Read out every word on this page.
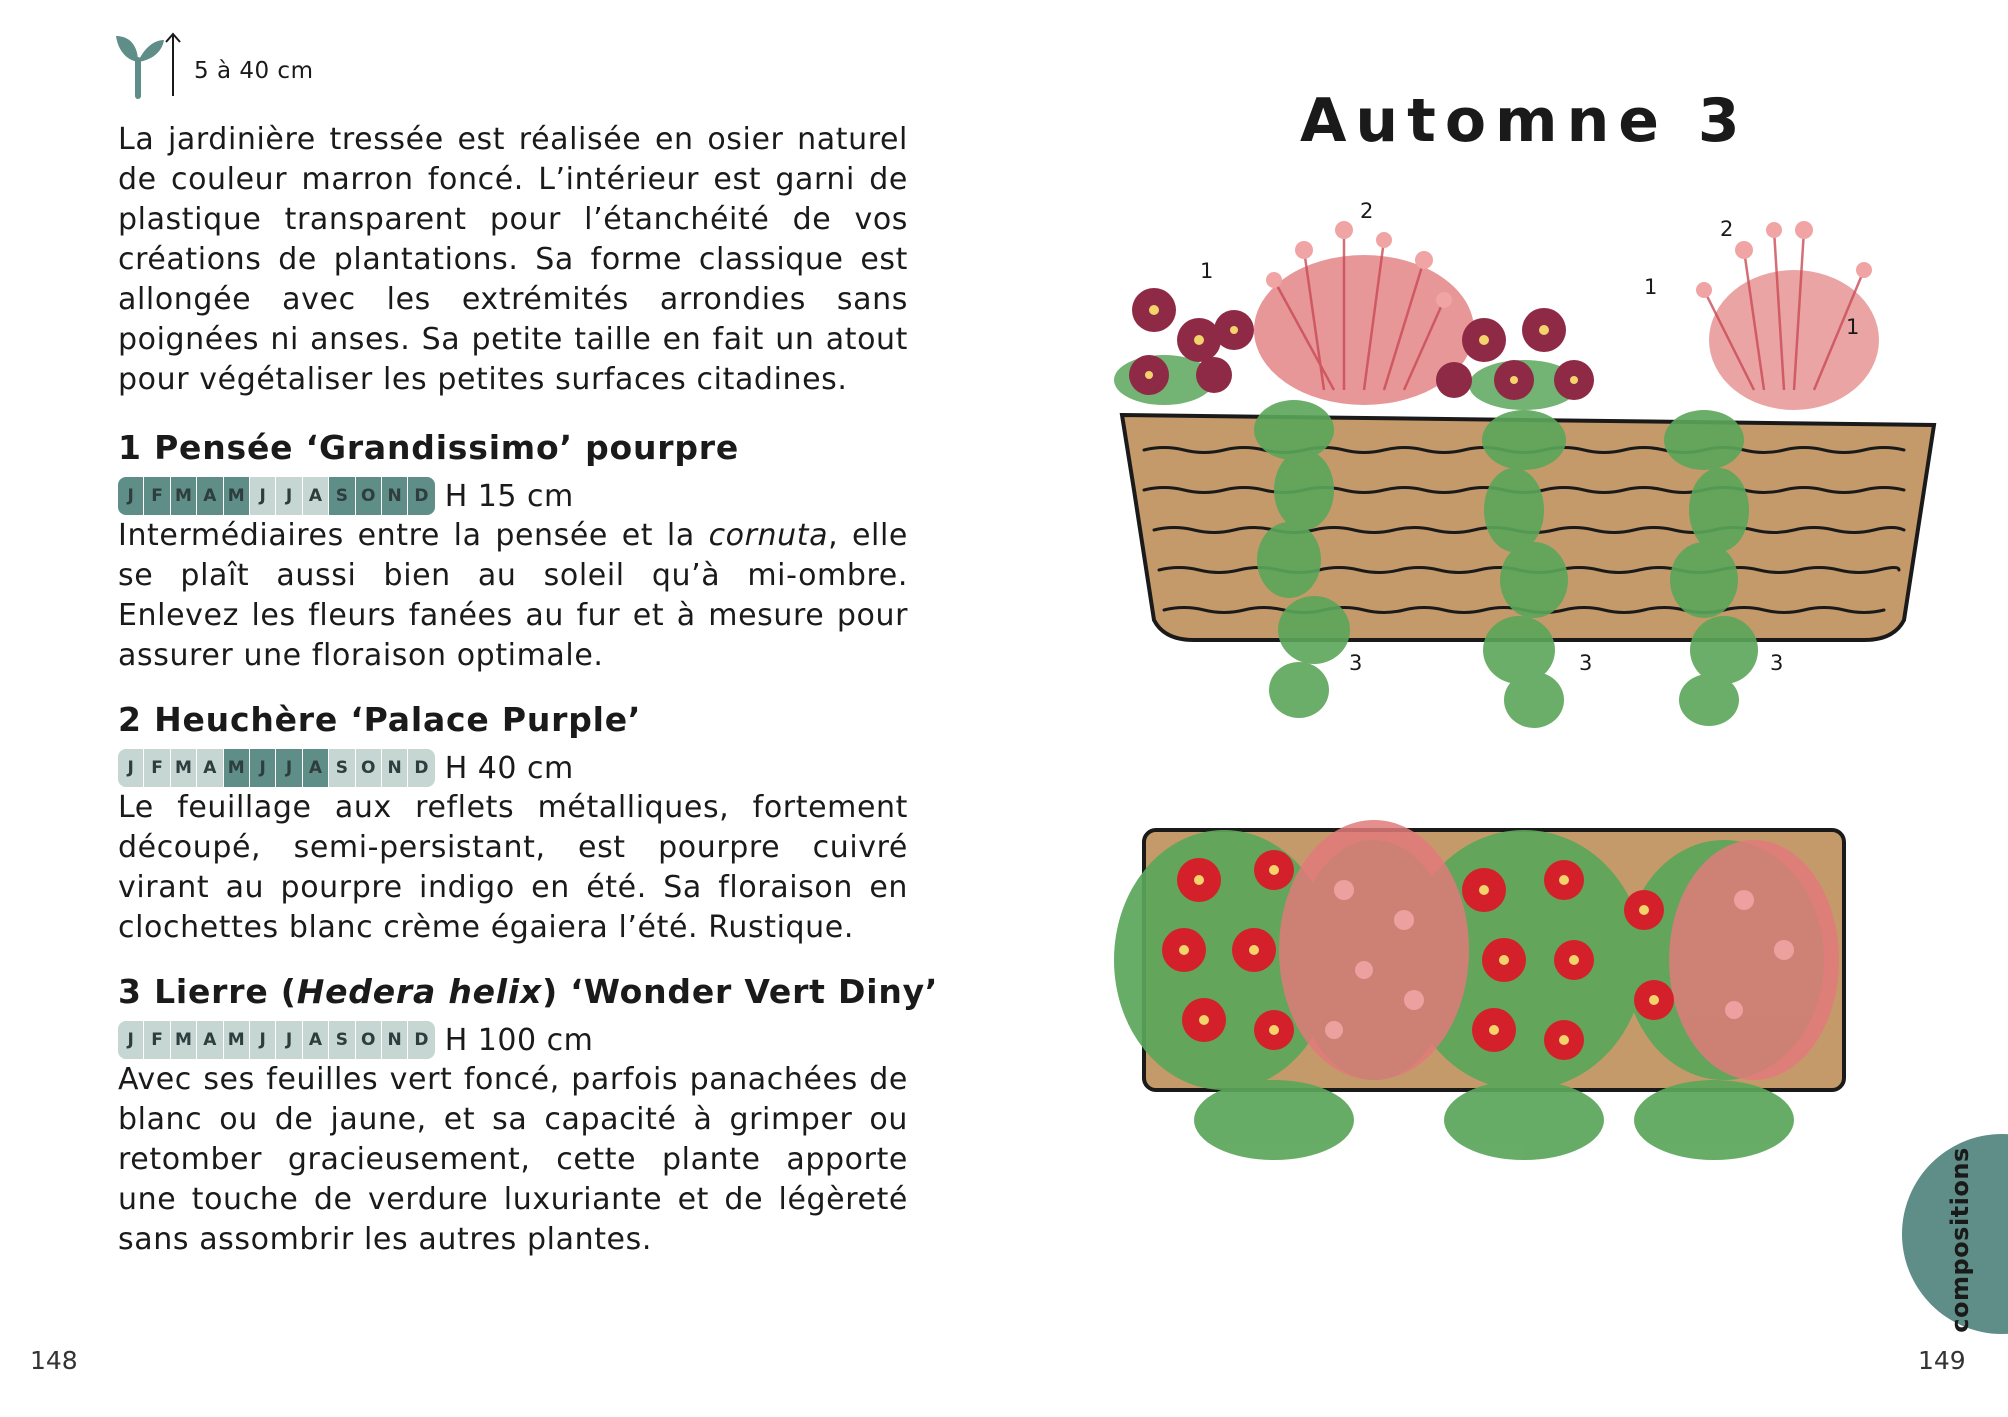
5 à 40 cm

La jardinière tressée est réalisée en osier naturel de couleur marron foncé. L’intérieur est garni de plastique transparent pour l’étanchéité de vos créations de plantations. Sa forme classique est allongée avec les extrémités arrondies sans poignées ni anses. Sa petite taille en fait un atout pour végétaliser les petites surfaces citadines.

1 Pensée ‘Grandissimo’ pourpre
J	F M A M J	J A S O N D H 15 cm

Intermédiaires entre la pensée et la cornuta, elle se plaît aussi bien au soleil qu’à mi-ombre. Enlevez les fleurs fanées au fur et à mesure pour assurer une floraison optimale.

2 Heuchère ‘Palace Purple’
J	F M A M J	J A S O N D H 40 cm

Le feuillage aux reflets métalliques, fortement découpé, semi-persistant, est pourpre cuivré virant au pourpre indigo en été. Sa floraison en clochettes blanc crème égaiera l’été. Rustique.

3 Lierre (Hedera helix) ‘Wonder Vert Diny’
J	F M A M J	J A S O N D H 100 cm

Avec ses feuilles vert foncé, parfois panachées de blanc ou de jaune, et sa capacité à grimper ou retomber gracieusement, cette plante apporte une touche de verdure luxuriante et de légèreté sans assombrir les autres plantes.

148
Automne 3
1
2
1
2
1
3	3	3
compositions
149
